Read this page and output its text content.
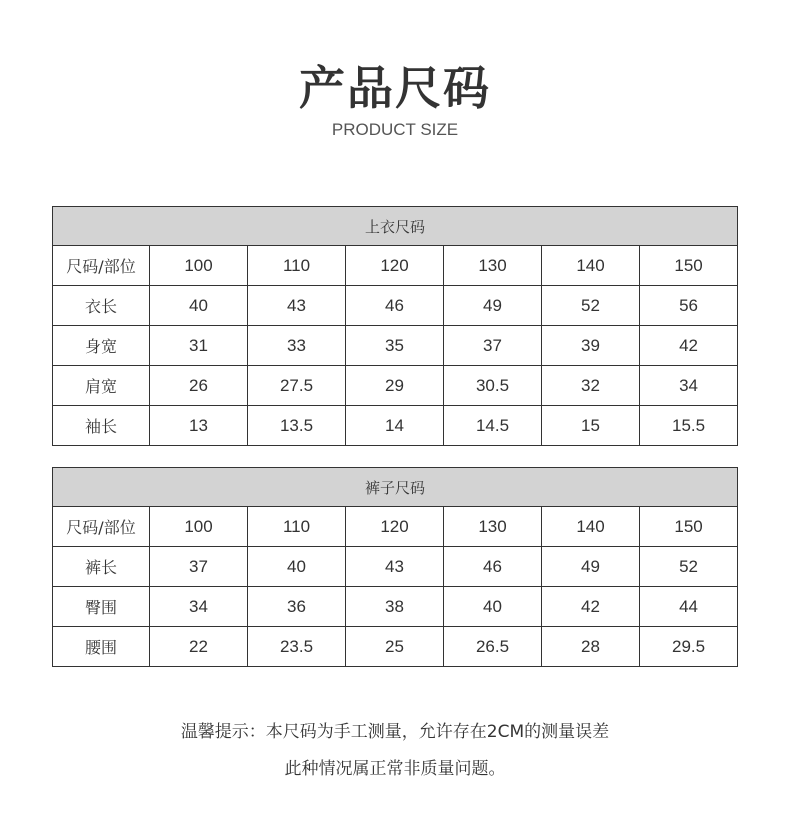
产品尺码
PRODUCT SIZE
上衣尺码						
尺码/部位	100	110	120	130	140	150
衣长	40	43	46	49	52	56
身宽	31	33	35	37	39	42
肩宽	26	27.5	29	30.5	32	34
袖长	13	13.5	14	14.5	15	15.5
裤子尺码						
尺码/部位	100	110	120	130	140	150
裤长	37	40	43	46	49	52
臀围	34	36	38	40	42	44
腰围	22	23.5	25	26.5	28	29.5
温馨提示：本尺码为手工测量，允许存在2CM的测量误差
此种情况属正常非质量问题。
